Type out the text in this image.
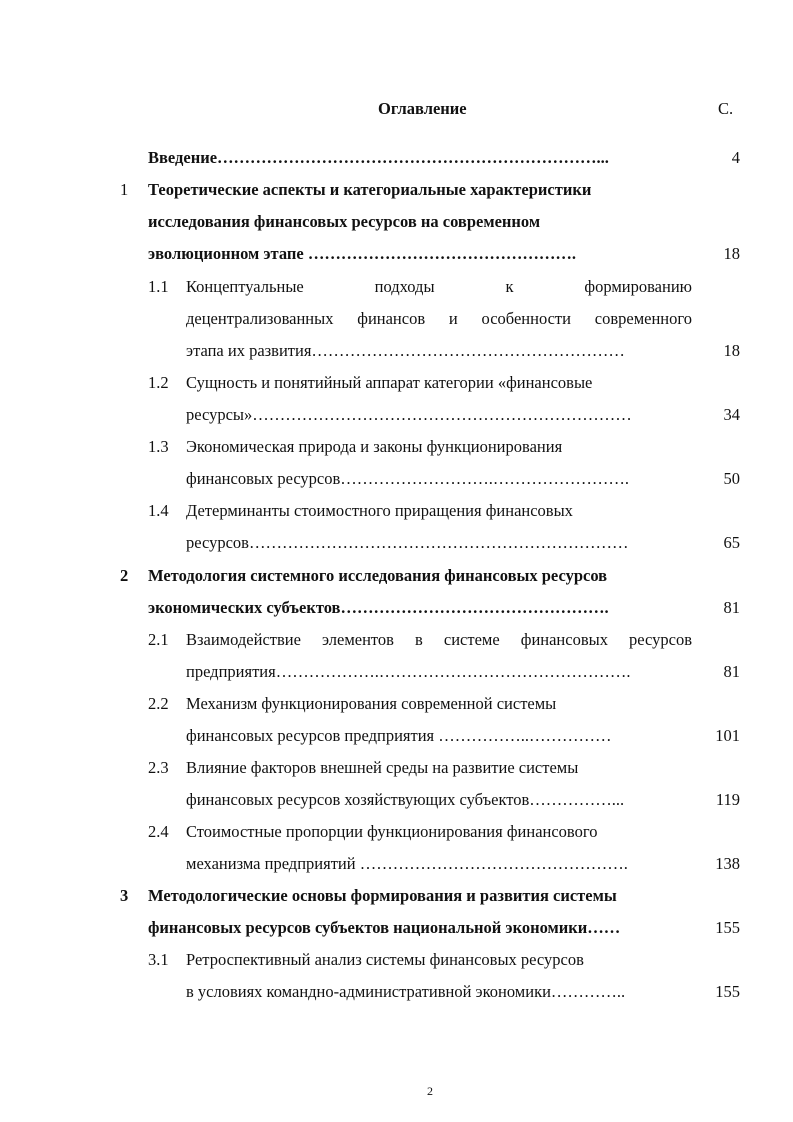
Оглавление	С.
Введение……………………………………………………………...	4
1 Теоретические аспекты и категориальные характеристики
исследования финансовых ресурсов на современном
эволюционном этапе ………………………………………….	18
1.1 Концептуальные	подходы	к	формированию
децентрализованных финансов и особенности современного
этапа их развития…………………………………………………	18
1.2 Сущность и понятийный аппарат категории «финансовые
ресурсы»……………………………………………………………	34
1.3 Экономическая природа и законы функционирования
финансовых ресурсов……………………….…………………….	50
1.4 Детерминанты стоимостного приращения финансовых
ресурсов……………………………………………………………	65
2 Методология системного исследования финансовых ресурсов
экономических субъектов………………………………………….	81
2.1 Взаимодействие элементов в системе финансовых ресурсов
предприятия……………….……………………………………….	81
2.2 Механизм функционирования современной системы
финансовых ресурсов предприятия ……………..……………	101
2.3 Влияние факторов внешней среды на развитие системы
финансовых ресурсов хозяйствующих субъектов……………...	119
2.4 Стоимостные пропорции функционирования финансового
механизма предприятий ………………………………………….	138
3 Методологические основы формирования и развития системы
финансовых ресурсов субъектов национальной экономики……	155
3.1 Ретроспективный анализ системы финансовых ресурсов
в условиях командно-административной экономики…………..	155
2
